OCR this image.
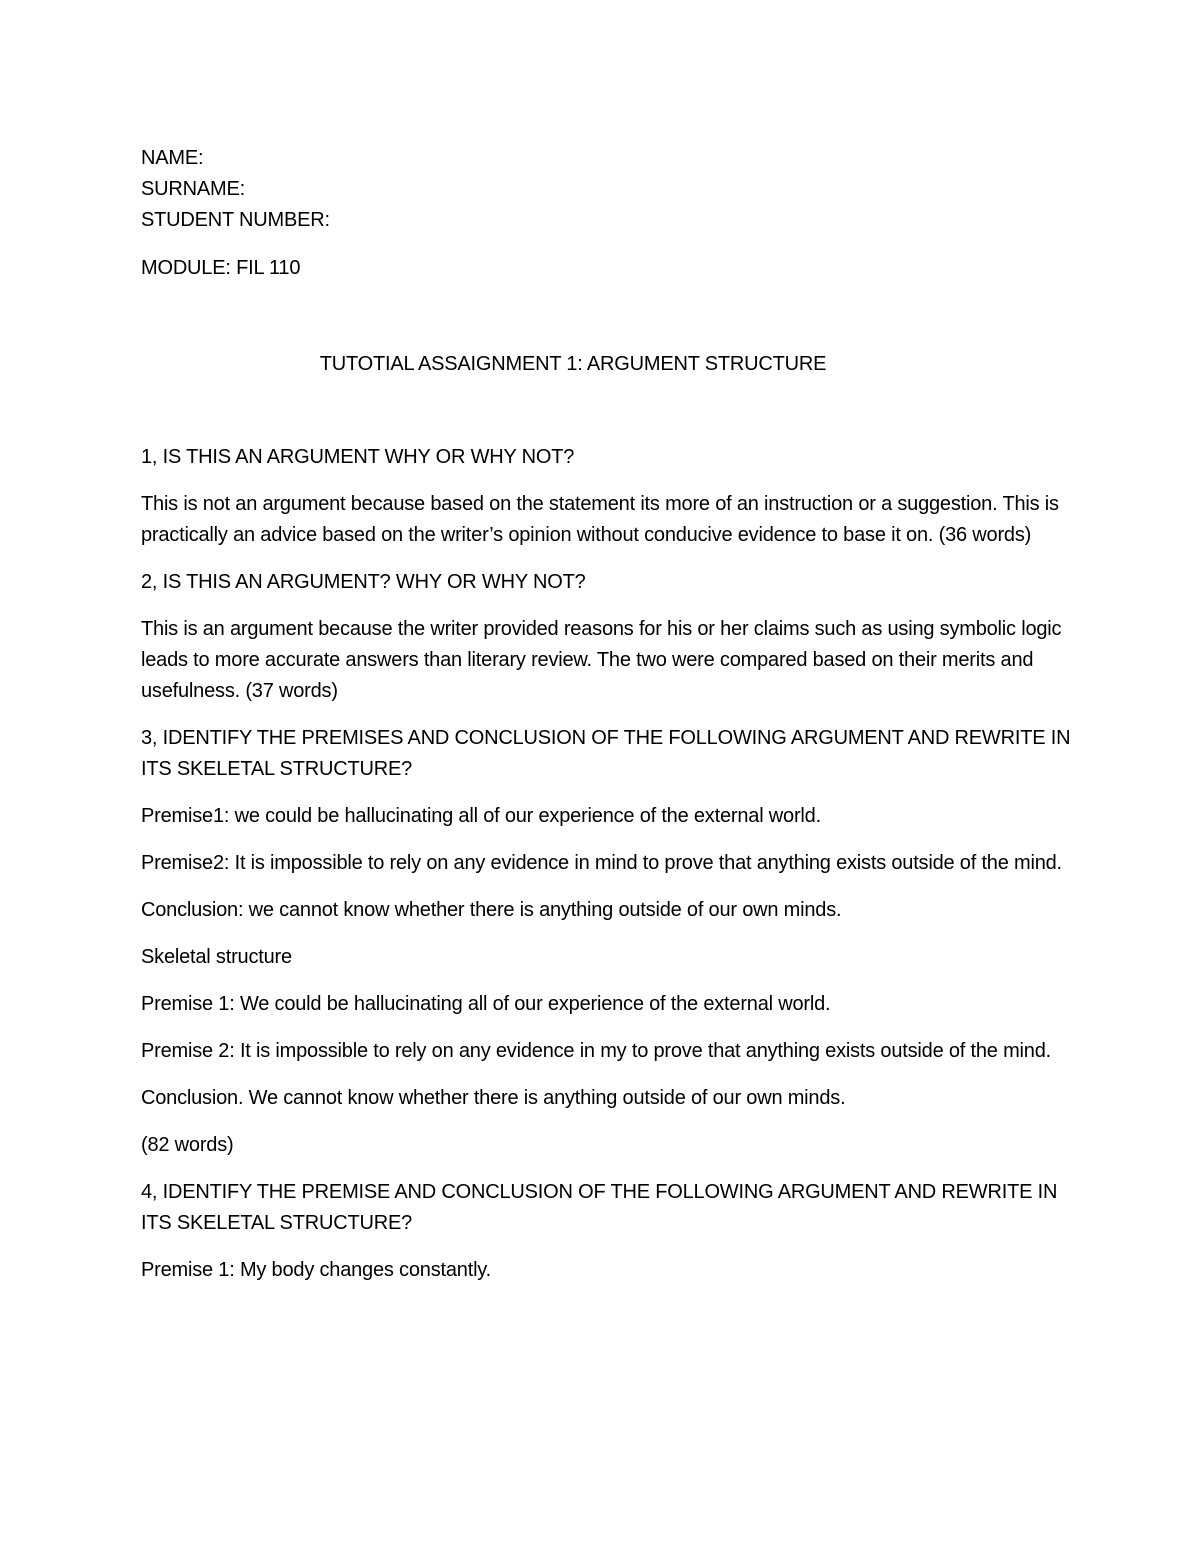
NAME:

SURNAME:

STUDENT NUMBER:

MODULE: FIL 110

TUTOTIAL ASSAIGNMENT 1: ARGUMENT STRUCTURE

1, IS THIS AN ARGUMENT WHY OR WHY NOT?

This is not an argument because based on the statement its more of an instruction or a suggestion. This is practically an advice based on the writer’s opinion without conducive evidence to base it on. (36 words)

2, IS THIS AN ARGUMENT? WHY OR WHY NOT?

This is an argument because the writer provided reasons for his or her claims such as using symbolic logic leads to more accurate answers than literary review. The two were compared based on their merits and usefulness. (37 words)

3, IDENTIFY THE PREMISES AND CONCLUSION OF THE FOLLOWING ARGUMENT AND REWRITE IN ITS SKELETAL STRUCTURE?

Premise1: we could be hallucinating all of our experience of the external world.

Premise2: It is impossible to rely on any evidence in mind to prove that anything exists outside of the mind.

Conclusion: we cannot know whether there is anything outside of our own minds.

Skeletal structure

Premise 1: We could be hallucinating all of our experience of the external world.

Premise 2: It is impossible to rely on any evidence in my to prove that anything exists outside of the mind.

Conclusion. We cannot know whether there is anything outside of our own minds.

(82 words)

4, IDENTIFY THE PREMISE AND CONCLUSION OF THE FOLLOWING ARGUMENT AND REWRITE IN ITS SKELETAL STRUCTURE?

Premise 1: My body changes constantly.
